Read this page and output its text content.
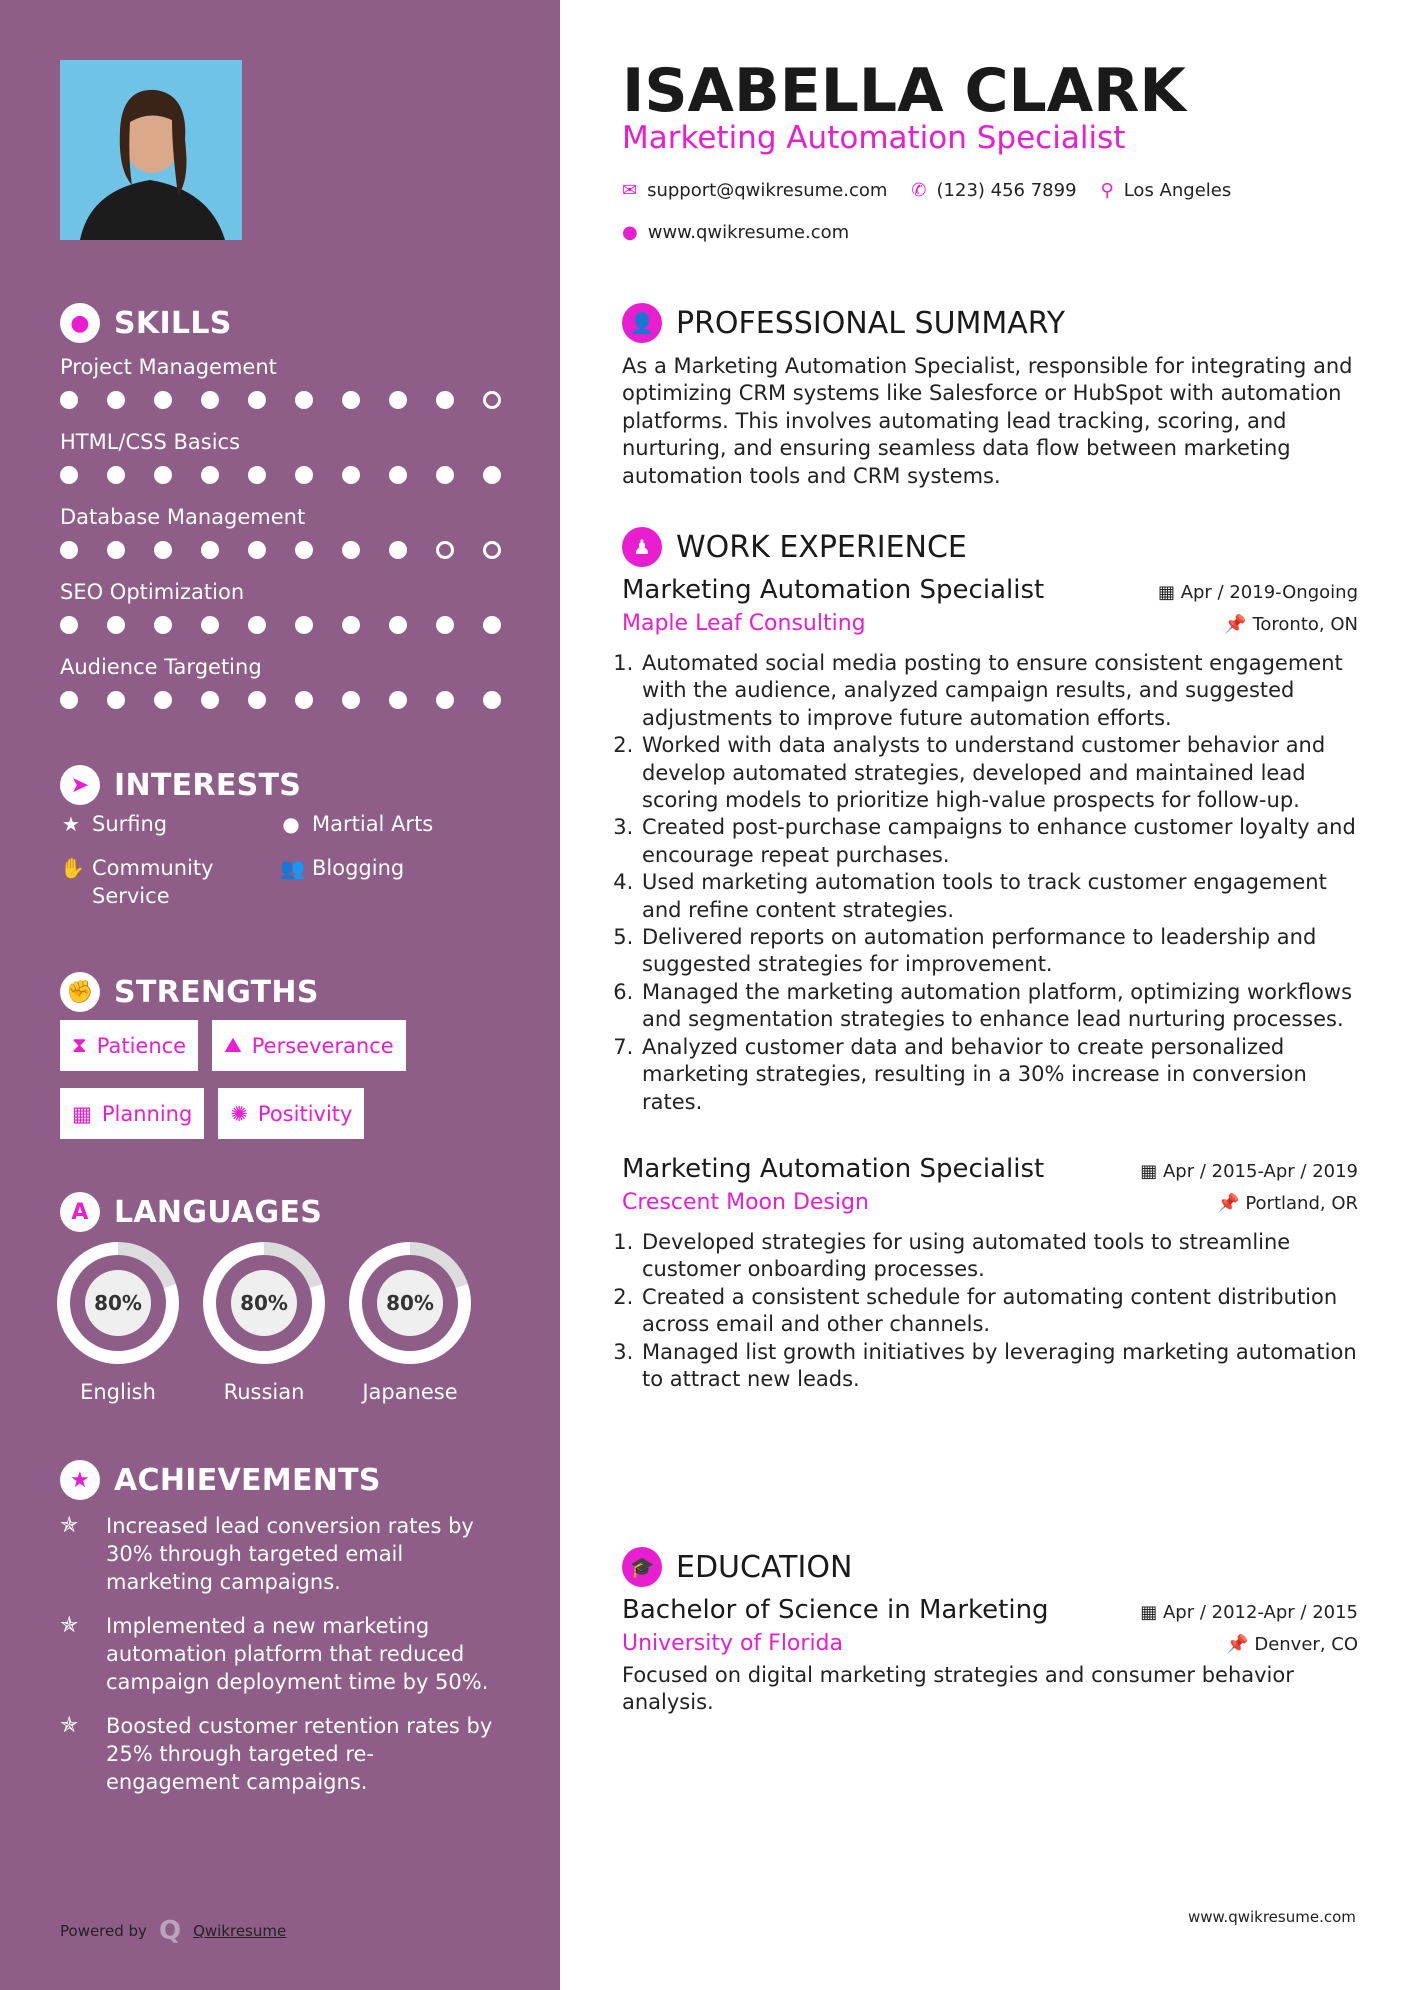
● SKILLS
Project Management
HTML/CSS Basics
Database Management
SEO Optimization
Audience Targeting
➤ INTERESTS
★ Surfing	● Martial Arts
✋ Community Service
👥 Blogging
✊ STRENGTHS
⧗ Patience ⛰ Perseverance
▦ Planning ✺ Positivity
A LANGUAGES
80%
English
80%
Russian
80%
Japanese
★ ACHIEVEMENTS
✯	Increased lead conversion rates by 30% through targeted email marketing campaigns.
✯	Implemented a new marketing automation platform that reduced campaign deployment time by 50%.
✯	Boosted customer retention rates by 25% through targeted re-engagement campaigns.
Powered by Q Qwikresume
ISABELLA CLARK
Marketing Automation Specialist
✉ support@qwikresume.com ✆ (123) 456 7899 ⚲ Los Angeles
● www.qwikresume.com
👤 PROFESSIONAL SUMMARY

As a Marketing Automation Specialist, responsible for integrating and optimizing CRM systems like Salesforce or HubSpot with automation platforms. This involves automating lead tracking, scoring, and nurturing, and ensuring seamless data flow between marketing automation tools and CRM systems.

♟ WORK EXPERIENCE
Marketing Automation Specialist	▦ Apr / 2019-Ongoing
Maple Leaf Consulting	📌 Toronto, ON
1. Automated social media posting to ensure consistent engagement with the audience, analyzed campaign results, and suggested adjustments to improve future automation efforts.
2. Worked with data analysts to understand customer behavior and develop automated strategies, developed and maintained lead scoring models to prioritize high-value prospects for follow-up.
3. Created post-purchase campaigns to enhance customer loyalty and encourage repeat purchases.
4. Used marketing automation tools to track customer engagement and refine content strategies.
5. Delivered reports on automation performance to leadership and suggested strategies for improvement.
6. Managed the marketing automation platform, optimizing workflows and segmentation strategies to enhance lead nurturing processes.
7. Analyzed customer data and behavior to create personalized marketing strategies, resulting in a 30% increase in conversion rates.
Marketing Automation Specialist	▦ Apr / 2015-Apr / 2019
Crescent Moon Design	📌 Portland, OR
1. Developed strategies for using automated tools to streamline customer onboarding processes.
2. Created a consistent schedule for automating content distribution across email and other channels.
3. Managed list growth initiatives by leveraging marketing automation to attract new leads.
🎓 EDUCATION
Bachelor of Science in Marketing	▦ Apr / 2012-Apr / 2015
University of Florida	📌 Denver, CO

Focused on digital marketing strategies and consumer behavior analysis.

www.qwikresume.com
